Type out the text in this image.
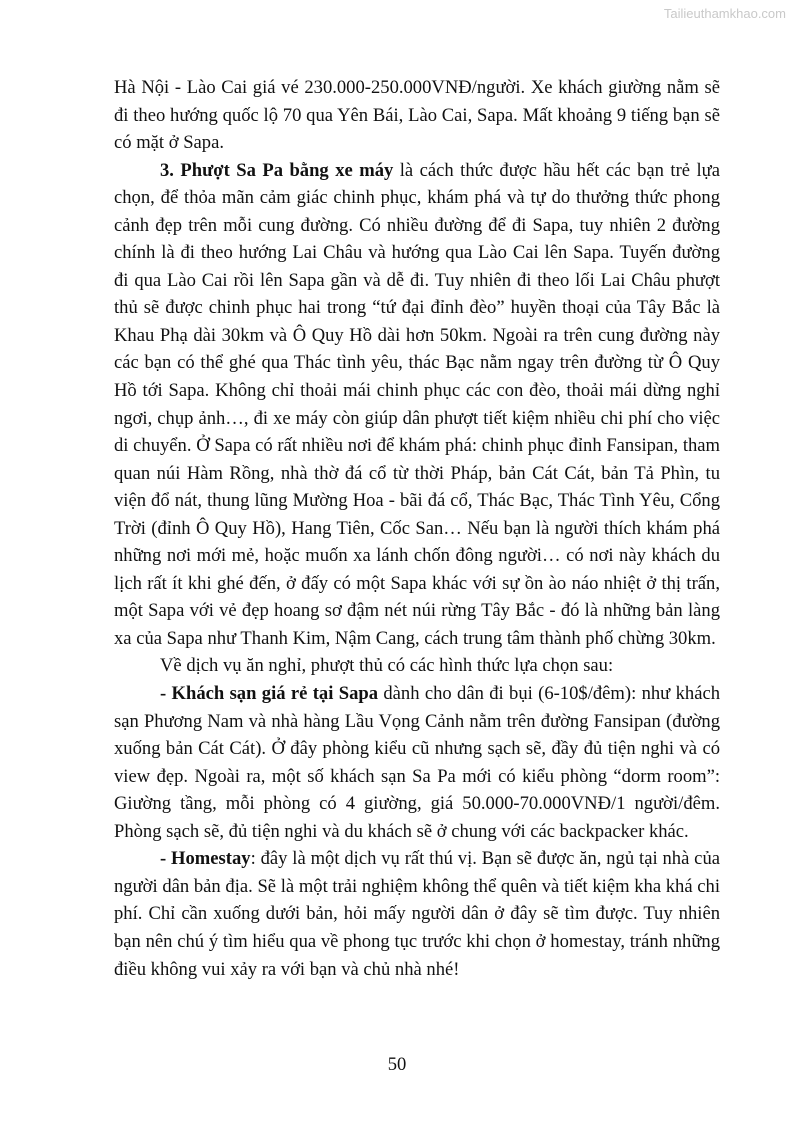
Tailieuthamkhao.com

Hà Nội - Lào Cai giá vé 230.000-250.000VNĐ/người. Xe khách giường nằm sẽ đi theo hướng quốc lộ 70 qua Yên Bái, Lào Cai, Sapa. Mất khoảng 9 tiếng bạn sẽ có mặt ở Sapa.

3. Phượt Sa Pa bằng xe máy là cách thức được hầu hết các bạn trẻ lựa chọn, để thỏa mãn cảm giác chinh phục, khám phá và tự do thưởng thức phong cảnh đẹp trên mỗi cung đường. Có nhiều đường để đi Sapa, tuy nhiên 2 đường chính là đi theo hướng Lai Châu và hướng qua Lào Cai lên Sapa. Tuyến đường đi qua Lào Cai rồi lên Sapa gần và dễ đi. Tuy nhiên đi theo lối Lai Châu phượt thủ sẽ được chinh phục hai trong “tứ đại đỉnh đèo” huyền thoại của Tây Bắc là Khau Phạ dài 30km và Ô Quy Hồ dài hơn 50km. Ngoài ra trên cung đường này các bạn có thể ghé qua Thác tình yêu, thác Bạc nằm ngay trên đường từ Ô Quy Hồ tới Sapa. Không chỉ thoải mái chinh phục các con đèo, thoải mái dừng nghỉ ngơi, chụp ảnh…, đi xe máy còn giúp dân phượt tiết kiệm nhiều chi phí cho việc di chuyển. Ở Sapa có rất nhiều nơi để khám phá: chinh phục đỉnh Fansipan, tham quan núi Hàm Rồng, nhà thờ đá cổ từ thời Pháp, bản Cát Cát, bản Tả Phìn, tu viện đổ nát, thung lũng Mường Hoa - bãi đá cổ, Thác Bạc, Thác Tình Yêu, Cổng Trời (đỉnh Ô Quy Hồ), Hang Tiên, Cốc San… Nếu bạn là người thích khám phá những nơi mới mẻ, hoặc muốn xa lánh chốn đông người… có nơi này khách du lịch rất ít khi ghé đến, ở đấy có một Sapa khác với sự ồn ào náo nhiệt ở thị trấn, một Sapa với vẻ đẹp hoang sơ đậm nét núi rừng Tây Bắc - đó là những bản làng xa của Sapa như Thanh Kim, Nậm Cang, cách trung tâm thành phố chừng 30km.

Về dịch vụ ăn nghỉ, phượt thủ có các hình thức lựa chọn sau:

- Khách sạn giá rẻ tại Sapa dành cho dân đi bụi (6-10$/đêm): như khách sạn Phương Nam và nhà hàng Lầu Vọng Cảnh nằm trên đường Fansipan (đường xuống bản Cát Cát). Ở đây phòng kiểu cũ nhưng sạch sẽ, đầy đủ tiện nghi và có view đẹp. Ngoài ra, một số khách sạn Sa Pa mới có kiểu phòng “dorm room”: Giường tầng, mỗi phòng có 4 giường, giá 50.000-70.000VNĐ/1 người/đêm. Phòng sạch sẽ, đủ tiện nghi và du khách sẽ ở chung với các backpacker khác.

- Homestay: đây là một dịch vụ rất thú vị. Bạn sẽ được ăn, ngủ tại nhà của người dân bản địa. Sẽ là một trải nghiệm không thể quên và tiết kiệm kha khá chi phí. Chỉ cần xuống dưới bản, hỏi mấy người dân ở đây sẽ tìm được. Tuy nhiên bạn nên chú ý tìm hiểu qua về phong tục trước khi chọn ở homestay, tránh những điều không vui xảy ra với bạn và chủ nhà nhé!

50
